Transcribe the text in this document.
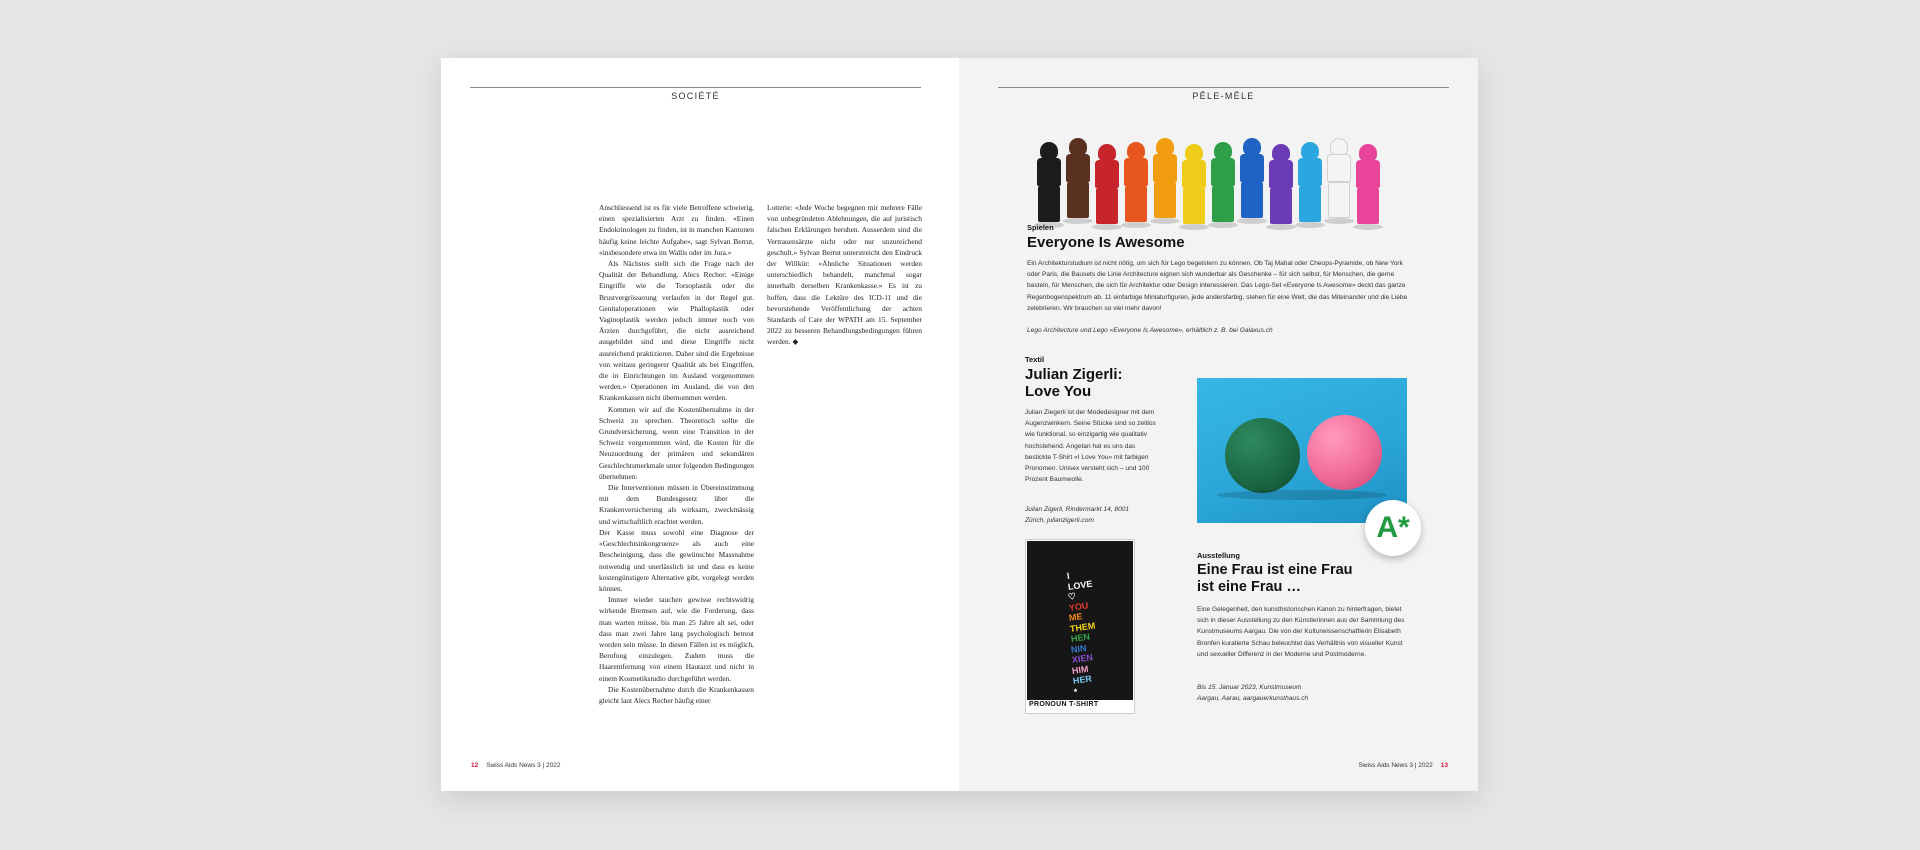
SOCIÉTÉ

Anschliessend ist es für viele Betroffene schwierig, einen spezialisierten Arzt zu finden. «Einen Endokrinologen zu finden, ist in manchen Kantonen häufig keine leichte Aufgabe», sagt Sylvan Berrut, «insbesondere etwa im Wallis oder im Jura.»

Als Nächstes stellt sich die Frage nach der Qualität der Behandlung. Alecs Recher: «Einige Eingriffe wie die Torsoplastik oder die Brustvergrösserung verlaufen in der Regel gut. Genitaloperationen wie Phalloplastik oder Vaginoplastik werden jedoch immer noch von Ärzten durchgeführt, die nicht ausreichend ausgebildet sind und diese Eingriffe nicht ausreichend praktizieren. Daher sind die Ergebnisse von weitaus geringerer Qualität als bei Eingriffen, die in Einrichtungen im Ausland vorgenommen werden.» Operationen im Ausland, die von den Krankenkassen nicht übernommen werden.

Kommen wir auf die Kostenübernahme in der Schweiz zu sprechen. Theoretisch sollte die Grundversicherung, wenn eine Transition in der Schweiz vorgenommen wird, die Kosten für die Neuzuordnung der primären und sekundären Geschlechtsmerkmale unter folgenden Bedingungen übernehmen:

Die Interventionen müssen in Übereinstimmung mit dem Bundesgesetz über die Krankenversicherung als wirksam, zweckmässig und wirtschaftlich erachtet werden.

Der Kasse muss sowohl eine Diagnose der «Geschlechtsinkongruenz» als auch eine Bescheinigung, dass die gewünschte Massnahme notwendig und unerlässlich ist und dass es keine kostengünstigere Alternative gibt, vorgelegt werden können.

Immer wieder tauchen gewisse rechtswidrig wirkende Bremsen auf, wie die Forderung, dass man warten müsse, bis man 25 Jahre alt sei, oder dass man zwei Jahre lang psychologisch betreut worden sein müsse. In diesen Fällen ist es möglich, Berufung einzulegen. Zudem muss die Haarentfernung von einem Hautarzt und nicht in einem Kosmetikstudio durchgeführt werden.

Die Kostenübernahme durch die Krankenkassen gleicht laut Alecs Recher häufig einer

Lotterie: «Jede Woche begegnen mir mehrere Fälle von unbegründeten Ablehnungen, die auf juristisch falschen Erklärungen beruhen. Ausserdem sind die Vertrauensärzte nicht oder nur unzureichend geschult.» Sylvan Berrut unterstreicht den Eindruck der Willkür: «Ähnliche Situationen werden unterschiedlich behandelt, manchmal sogar innerhalb derselben Krankenkasse.» Es ist zu hoffen, dass die Lektüre des ICD-11 und die bevorstehende Veröffentlichung der achten Standards of Care der WPATH am 15. September 2022 zu besseren Behandlungsbedingungen führen werden. ◆

12 Swiss Aids News 3 | 2022
PÊLE-MÊLE
Swiss Aids News 3 | 2022 13
Spielen
Everyone Is Awesome
Ein Architekturstudium ist nicht nötig, um sich für Lego begeistern zu können. Ob Taj Mahal oder Cheops-Pyramide, ob New York oder Paris, die Bausets die Linie Architecture eignen sich wunderbar als Geschenke – für sich selbst, für Menschen, die gerne basteln, für Menschen, die sich für Architektur oder Design interessieren. Das Lego-Set «Everyone Is Awesome» deckt das ganze Regenbogenspektrum ab. 11 einfarbige Miniaturfiguren, jede andersfarbig, stehen für eine Welt, die das Miteinander und die Liebe zelebrieren. Wir brauchen so viel mehr davon!
Lego Architecture und Lego «Everyone Is Awesome», erhältlich z. B. bei Galaxus.ch
Textil
Julian Zigerli:
Love You
Julian Ziegerli ist der Modedesigner mit dem Augenzwinkern. Seine Stücke sind so zeitlos wie funktional, so einzigartig wie qualitativ hochstehend. Angetan hat es uns das bestickte T-Shirt «I Love You» mit farbigen Pronomen. Unisex versteht sich – und 100 Prozent Baumwolle.
Julian Zigerli, Rindermarkt 14, 8001
Zürich, julianzigerli.com
I
LOVE
♡
YOU
ME
THEM
HEN
NIN
XIEN
HIM
HER
*
PRONOUN T-SHIRT
A*
Ausstellung
Eine Frau ist eine Frau
ist eine Frau …
Eine Gelegenheit, den kunsthistorischen Kanon zu hinterfragen, bietet sich in dieser Ausstellung zu den Künstlerinnen aus der Sammlung des Kunstmuseums Aargau. Die von der Kulturwissenschaftlerin Elisabeth Bronfen kuratierte Schau beleuchtet das Verhältnis von visueller Kunst und sexueller Differenz in der Moderne und Postmoderne.
Bis 15. Januar 2023, Kunstmuseum
Aargau, Aarau, aargauerkunsthaus.ch
